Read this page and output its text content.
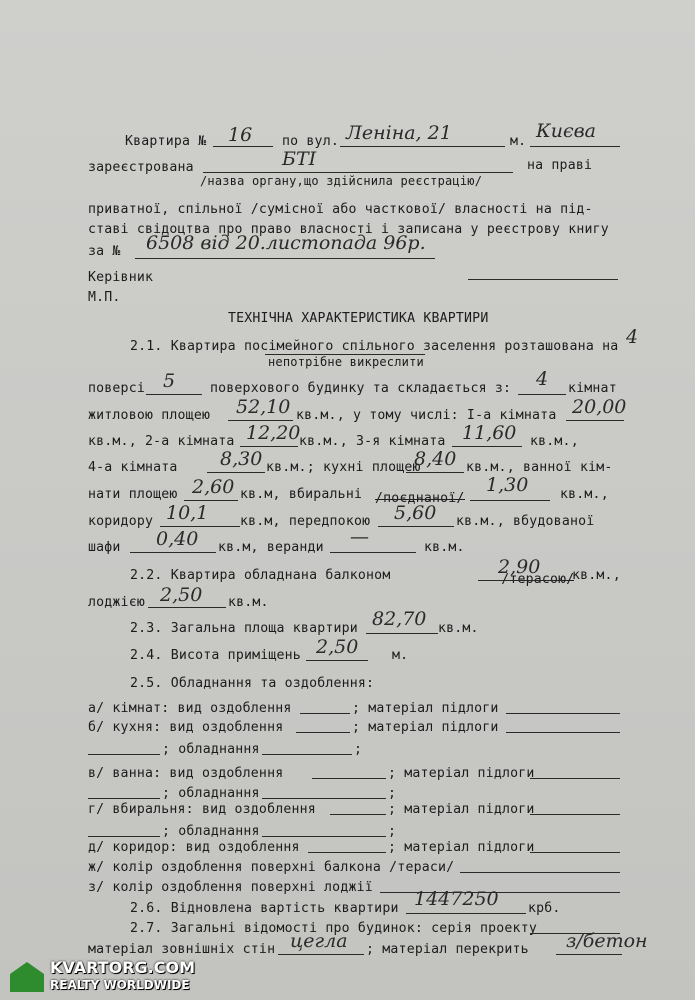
Квартира № 16 по вул. Леніна, 21	м. Києва
зареєстрована	БТІ	на праві
/назва органу,що здійснила реєстрацію/
приватної, спільної /сумісної або часткової/ власності на під-
ставі свідоцтва про право власності і записана у реєстрову книгу
за № 6508 від 20.листопада 96р.
Керівник
М.П.
ТЕХНІЧНА ХАРАКТЕРИСТИКА КВАРТИРИ
2.1. Квартира посімейного спільного заселення розташована на 4
непотрібне викреслити
поверсі 5	поверхового будинку та складається з: 4 кімнат
житловою площею 52,10 кв.м., у тому числі: І-а кімната 20,00
кв.м., 2-а кімната 12,20
кв.м., 3-я кімната 11,60 кв.м.,
4-а кімната 8,30 кв.м.; кухні площею
8,40 кв.м., ванної кім-
нати площею 2,60 кв.м, вбиральні $_{/поєднаної/}$
1,30 кв.м.,
коридору 10,1 кв.м, передпокою 5,60 кв.м., вбудованої
шафи 0,40 кв.м, веранди —	кв.м.
2.2. Квартира обладнана балконом	$_{/терасою/}$
2,90 кв.м.,
лоджією 2,50 кв.м.
2.3. Загальна площа квартири 82,70 кв.м.
2.4. Висота приміщень 2,50	м.
2.5. Обладнання та оздоблення:
а/ кімнат: вид оздоблення	; матеріал підлоги
б/ кухня: вид оздоблення	; матеріал підлоги
; обладнання	;
в/ ванна: вид оздоблення	; матеріал підлоги
; обладнання	;
г/ вбиральня: вид оздоблення	; матеріал підлоги
; обладнання	;
д/ коридор: вид оздоблення	; матеріал підлоги
ж/ колір оздоблення поверхні балкона /тераси/
з/ колір оздоблення поверхні лоджії
2.6. Відновлена вартість квартири 1447250 крб.
2.7. Загальні відомості про будинок: серія проекту
матеріал зовнішніх стін цегла ; матеріал перекрить з/бетон
KVARTORG.COM
REALTY WORLDWIDE
